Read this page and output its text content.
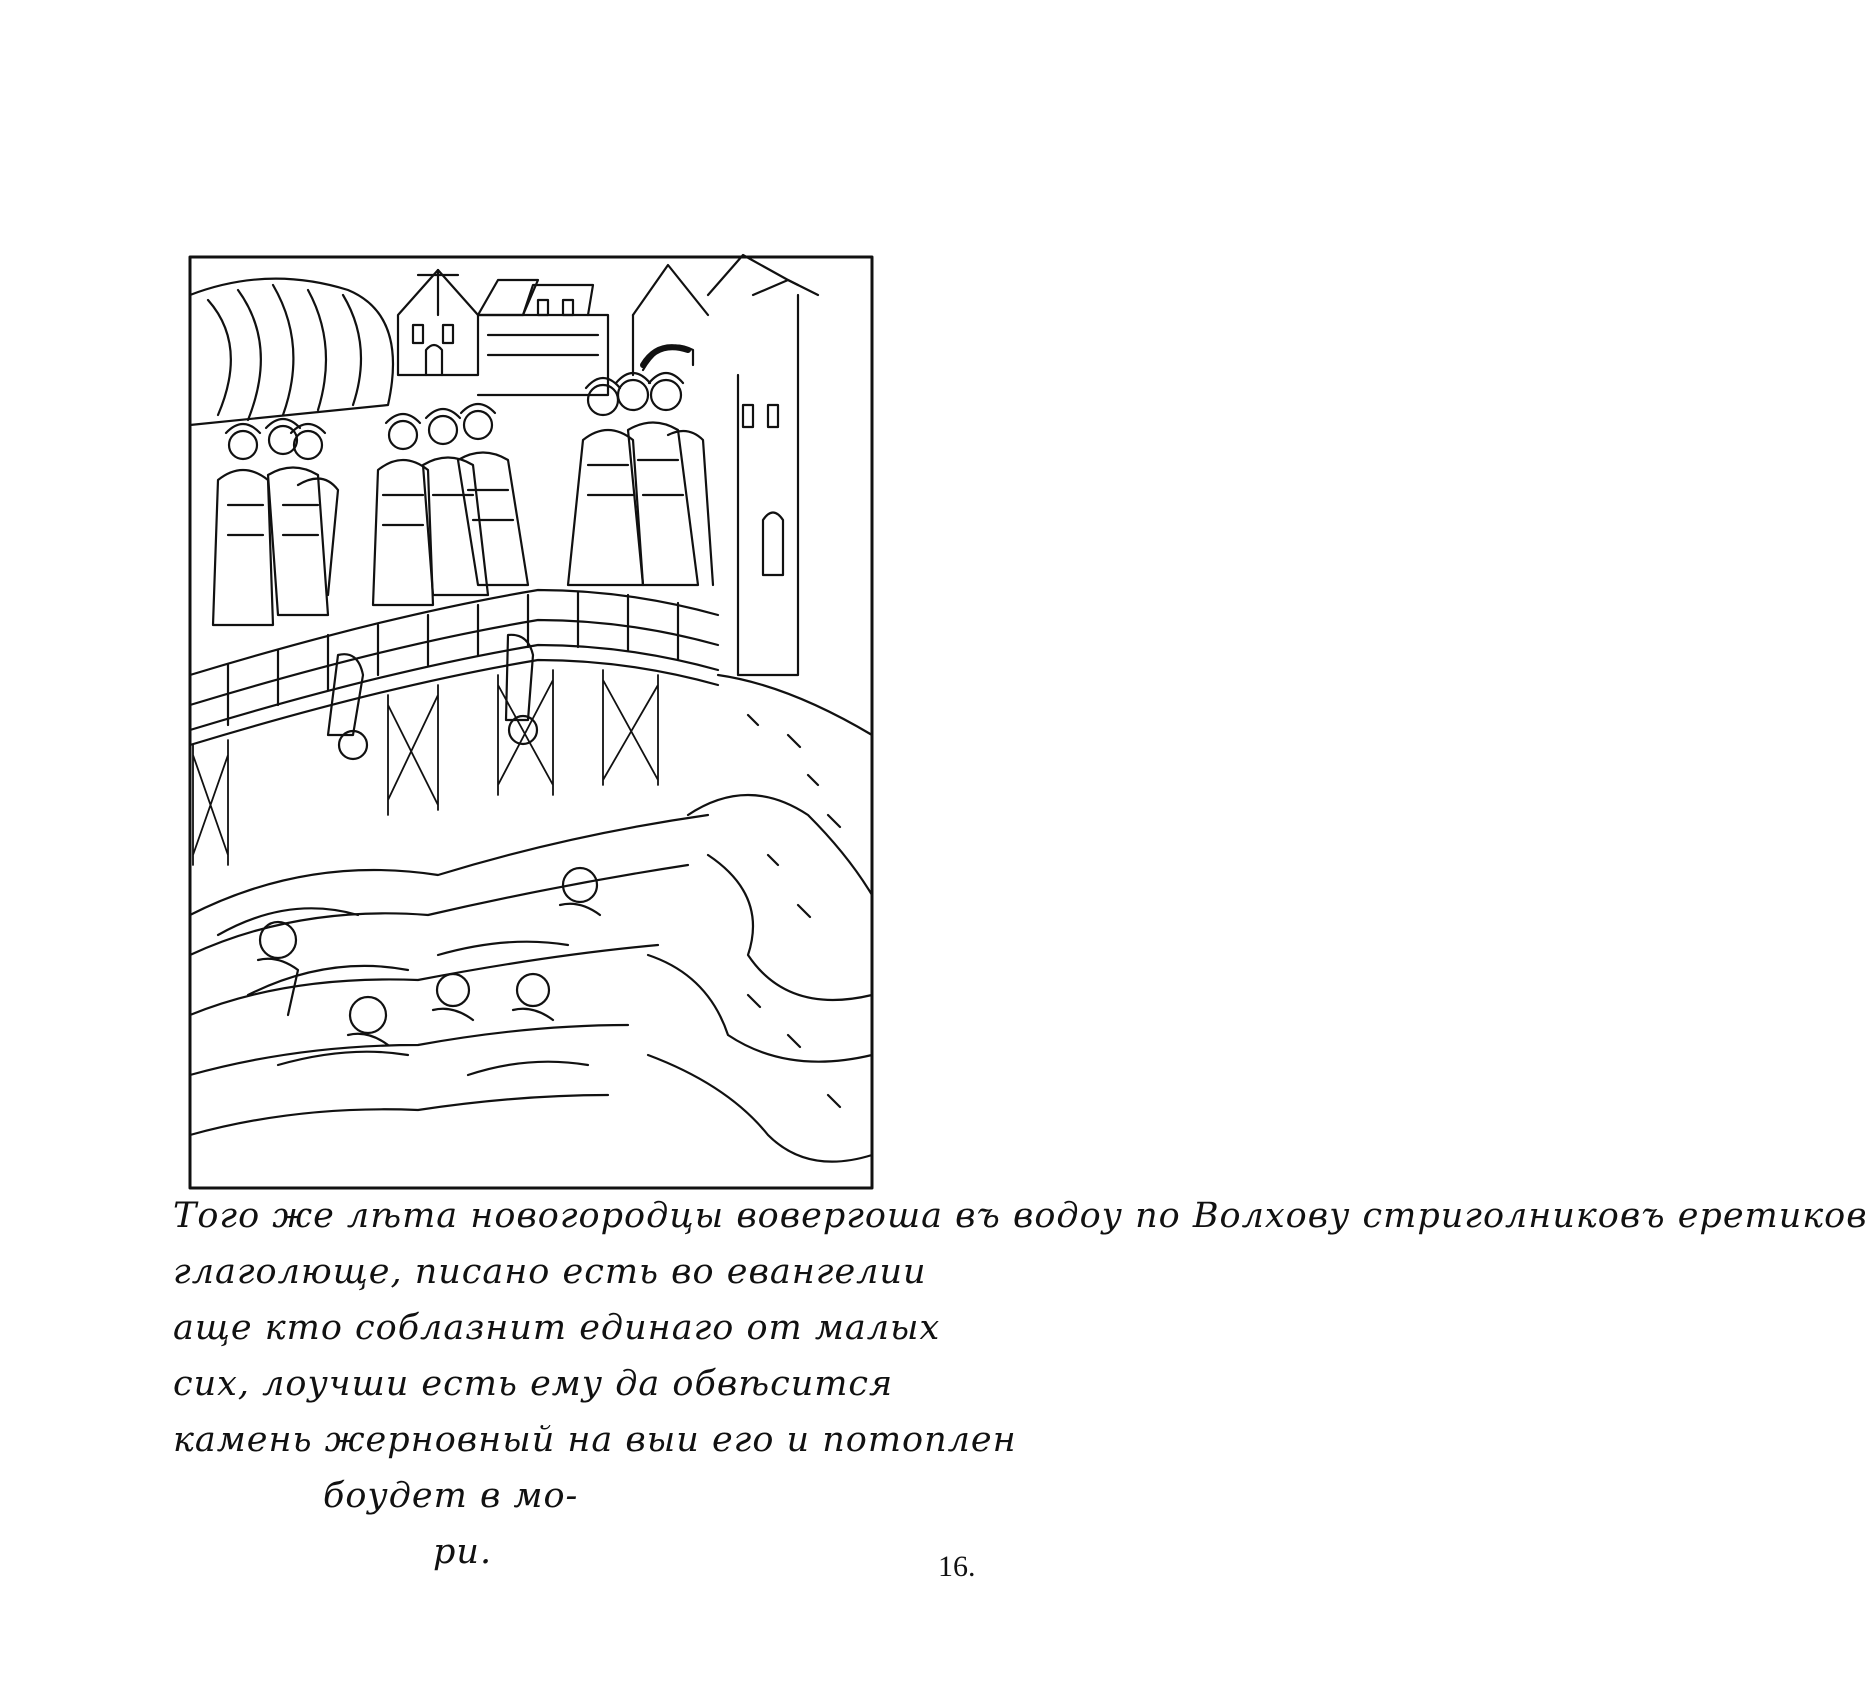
Того же лѣта новогородцы вовергоша въ водоу по Волхову стриголниковъ еретиков
глаголюще, писано есть во евангелии
аще кто соблазнит единаго от малых
сих, лоучши есть ему да обвѣсится
камень жерновный на выи его и потоплен
боудет в мо-
ри.	16.
